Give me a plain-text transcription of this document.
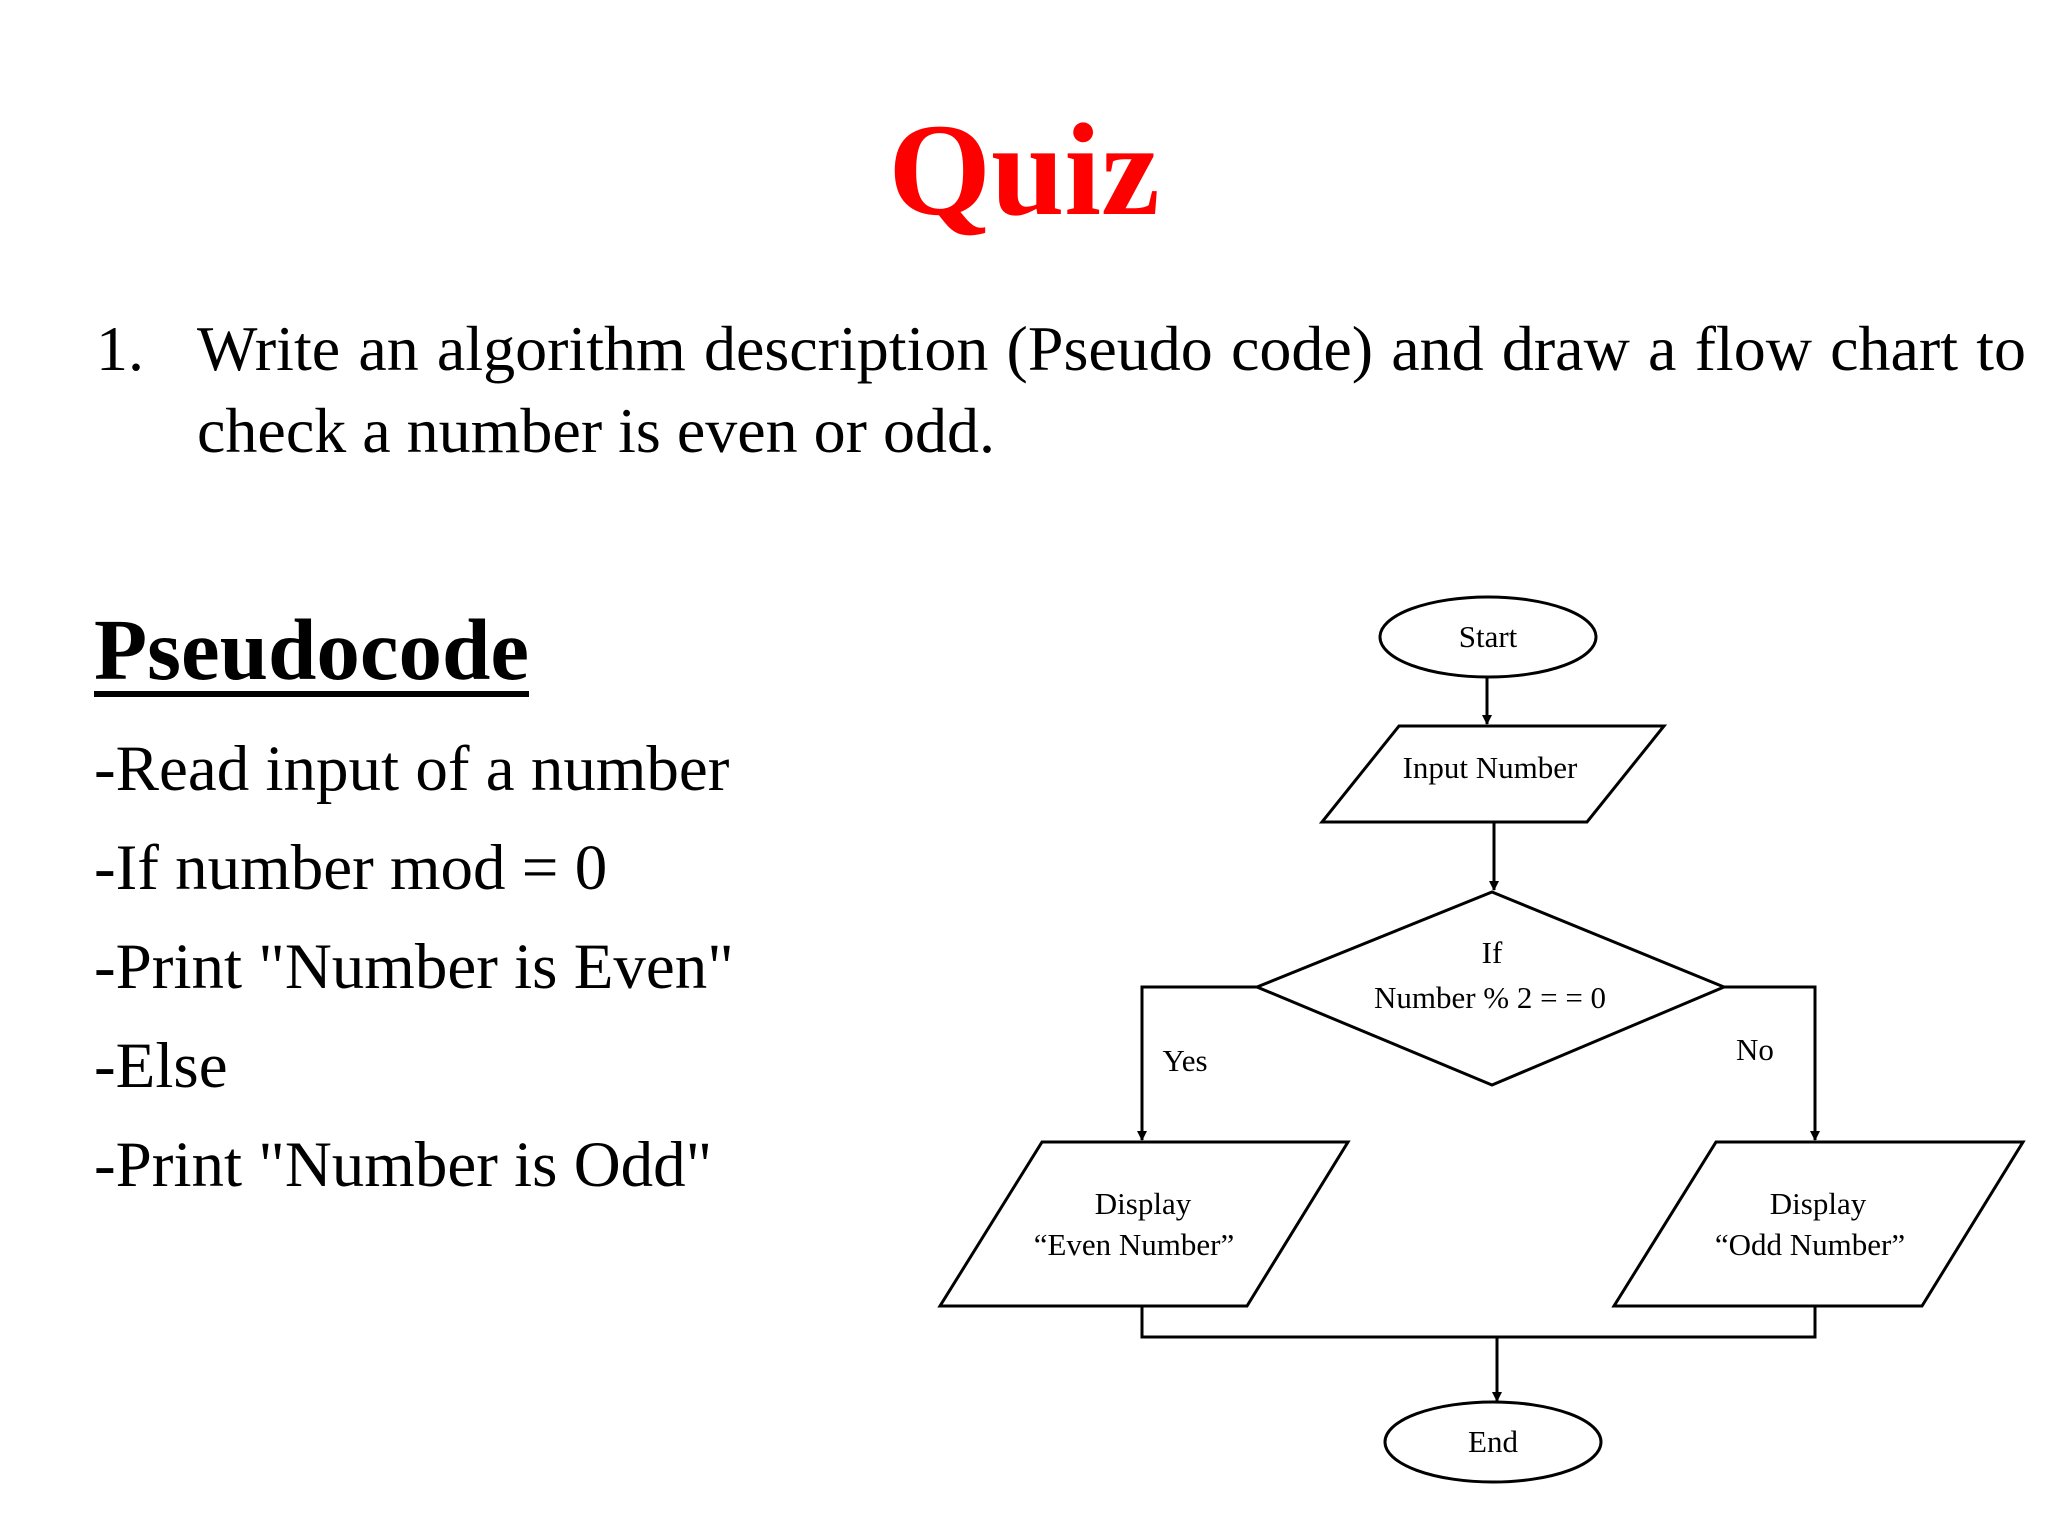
Quiz
1. Write an algorithm description (Pseudo code) and draw a flow chart to check a number is even or odd.
Pseudocode
-Read input of a number
-If number mod = 0
-Print "Number is Even"
-Else
-Print "Number is Odd"
Start
Input Number
If
Number % 2 = = 0
Yes	No
Display
“Even Number”
Display
“Odd Number”
End
